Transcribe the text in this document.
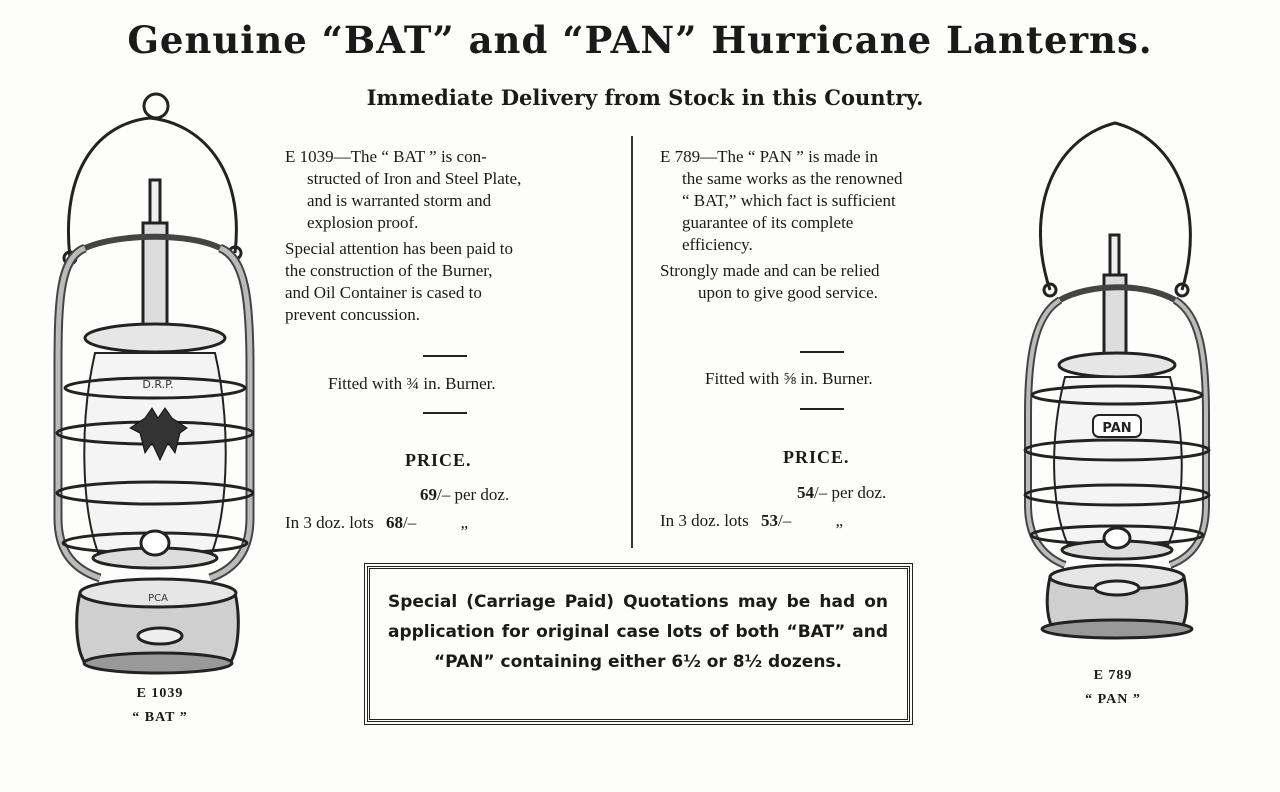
Genuine “BAT” and “PAN” Hurricane Lanterns.
Immediate Delivery from Stock in this Country.
D.R.P.
PCA
E 1039
“ BAT ”
PAN
E 789
“ PAN ”

E 1039—The “ BAT ” is con-

structed of Iron and Steel Plate,

and is warranted storm and

explosion proof.

Special attention has been paid to

the construction of the Burner,

and Oil Container is cased to

prevent concussion.

Fitted with ¾ in. Burner.
PRICE.
69/– per doz.
In 3 doz. lots 68/–	„

E 789—The “ PAN ” is made in

the same works as the renowned

“ BAT,” which fact is sufficient

guarantee of its complete

efficiency.

Strongly made and can be relied

upon to give good service.

Fitted with ⅝ in. Burner.
PRICE.
54/– per doz.
In 3 doz. lots 53/–	„
Special (Carriage Paid) Quotations may be had on application for original case lots of both “BAT” and “PAN” containing either 6½ or 8½ dozens.
